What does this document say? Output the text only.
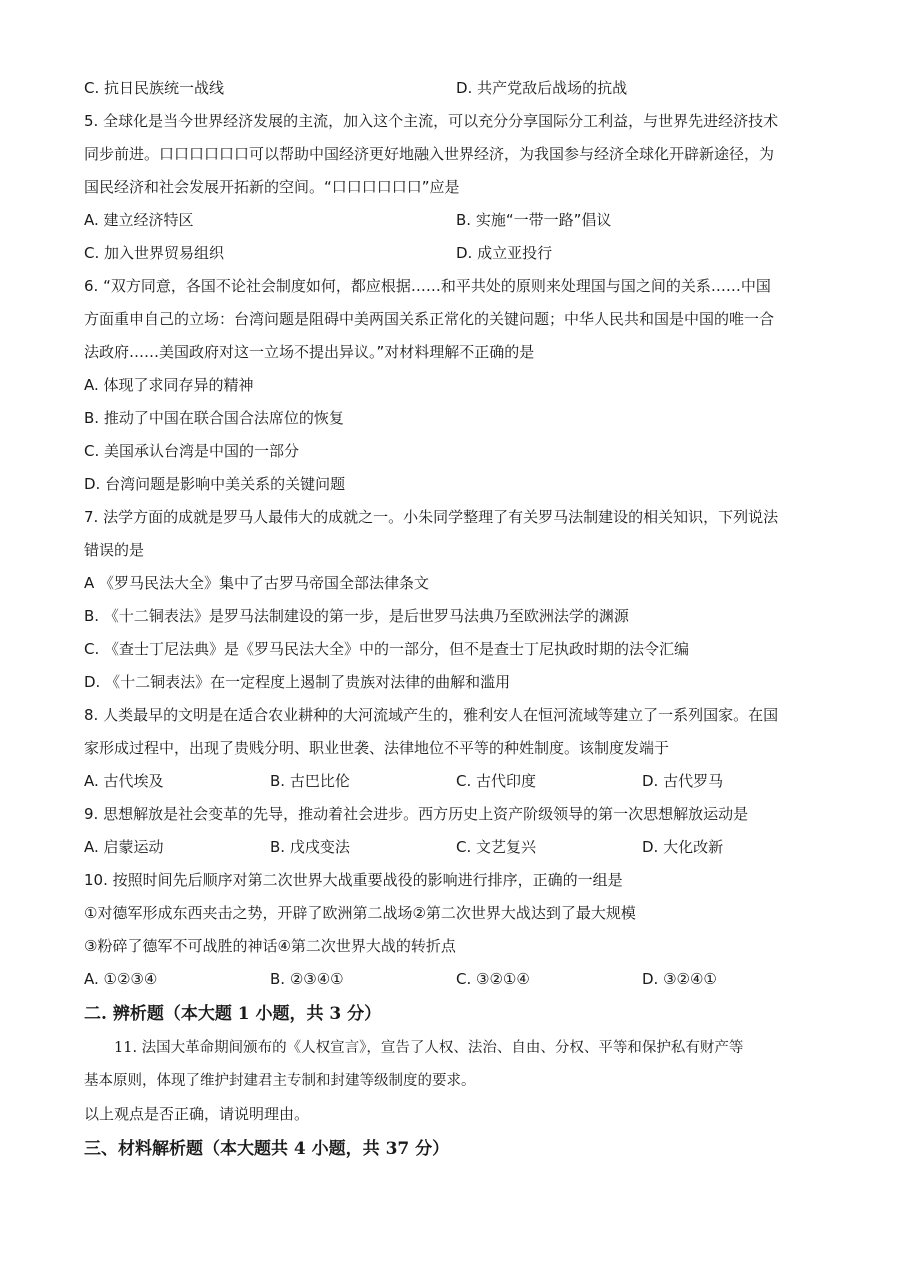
C. 抗日民族统一战线	D. 共产党敌后战场的抗战
5. 全球化是当今世界经济发展的主流，加入这个主流，可以充分分享国际分工利益，与世界先进经济技术
同步前进。口口口口口口可以帮助中国经济更好地融入世界经济，为我国参与经济全球化开辟新途径，为
国民经济和社会发展开拓新的空间。“口口口口口口”应是
A. 建立经济特区	B. 实施“一带一路”倡议
C. 加入世界贸易组织	D. 成立亚投行
6. “双方同意，各国不论社会制度如何，都应根据……和平共处的原则来处理国与国之间的关系……中国
方面重申自己的立场：台湾问题是阻碍中美两国关系正常化的关键问题；中华人民共和国是中国的唯一合
法政府……美国政府对这一立场不提出异议。”对材料理解不正确的是
A. 体现了求同存异的精神
B. 推动了中国在联合国合法席位的恢复
C. 美国承认台湾是中国的一部分
D. 台湾问题是影响中美关系的关键问题
7. 法学方面的成就是罗马人最伟大的成就之一。小朱同学整理了有关罗马法制建设的相关知识，下列说法
错误的是
A 《罗马民法大全》集中了古罗马帝国全部法律条文
B. 《十二铜表法》是罗马法制建设的第一步，是后世罗马法典乃至欧洲法学的渊源
C. 《查士丁尼法典》是《罗马民法大全》中的一部分，但不是查士丁尼执政时期的法令汇编
D. 《十二铜表法》在一定程度上遏制了贵族对法律的曲解和滥用
8. 人类最早的文明是在适合农业耕种的大河流域产生的，雅利安人在恒河流域等建立了一系列国家。在国
家形成过程中，出现了贵贱分明、职业世袭、法律地位不平等的种姓制度。该制度发端于
A. 古代埃及	B. 古巴比伦	C. 古代印度	D. 古代罗马
9. 思想解放是社会变革的先导，推动着社会进步。西方历史上资产阶级领导的第一次思想解放运动是
A. 启蒙运动	B. 戊戌变法	C. 文艺复兴	D. 大化改新
10. 按照时间先后顺序对第二次世界大战重要战役的影响进行排序，正确的一组是
①对德军形成东西夹击之势，开辟了欧洲第二战场②第二次世界大战达到了最大规模
③粉碎了德军不可战胜的神话④第二次世界大战的转折点
A. ①②③④	B. ②③④①	C. ③②①④	D. ③②④①
二. 辨析题（本大题 1 小题，共 3 分）
11. 法国大革命期间颁布的《人权宣言》，宣告了人权、法治、自由、分权、平等和保护私有财产等
基本原则，体现了维护封建君主专制和封建等级制度的要求。
以上观点是否正确，请说明理由。
三、材料解析题（本大题共 4 小题，共 37 分）
